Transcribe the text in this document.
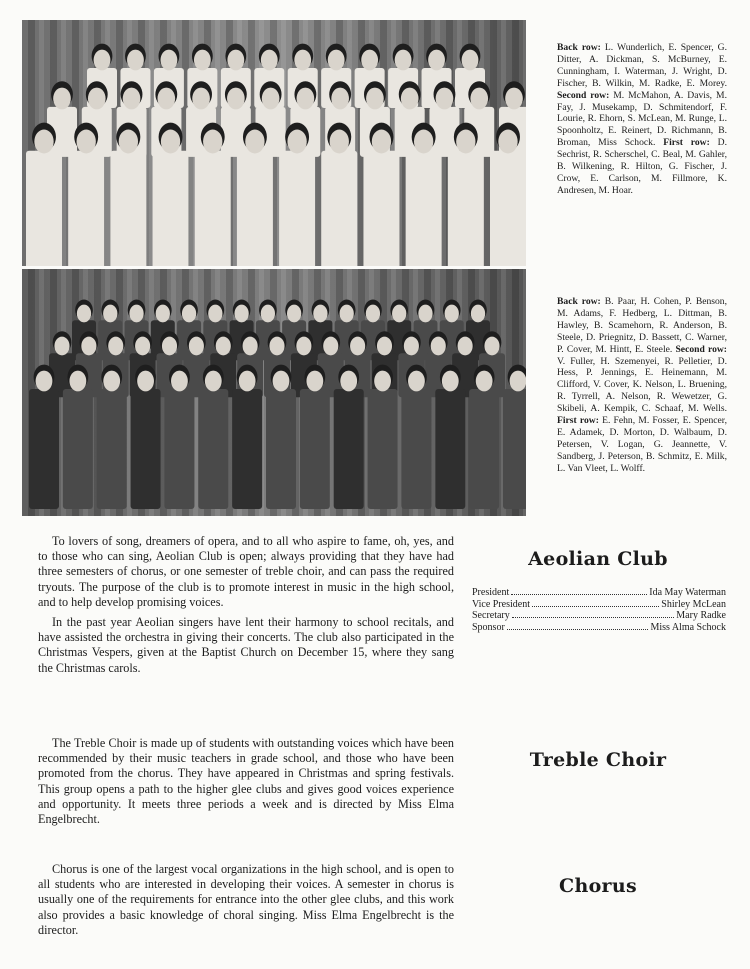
Back row: L. Wunderlich, E. Spencer, G. Ditter, A. Dickman, S. McBurney, E. Cunningham, I. Waterman, J. Wright, D. Fischer, B. Wilkin, M. Radke, E. Morey. Second row: M. McMahon, A. Davis, M. Fay, J. Musekamp, D. Schmitendorf, F. Lourie, R. Ehorn, S. McLean, M. Runge, L. Spoonholtz, E. Reinert, D. Richmann, B. Broman, Miss Schock. First row: D. Sechrist, R. Scherschel, C. Beal, M. Gahler, B. Wilkening, R. Hilton, G. Fischer, J. Crow, E. Carlson, M. Fillmore, K. Andresen, M. Hoar.
Back row: B. Paar, H. Cohen, P. Benson, M. Adams, F. Hedberg, L. Dittman, B. Hawley, B. Scamehorn, R. Anderson, B. Steele, D. Priegnitz, D. Bassett, C. Warner, P. Cover, M. Hintt, E. Steele. Second row: V. Fuller, H. Szemenyei, R. Pelletier, D. Hess, P. Jennings, E. Heinemann, M. Clifford, V. Cover, K. Nelson, L. Bruening, R. Tyrrell, A. Nelson, R. Wewetzer, G. Skibeli, A. Kempik, C. Schaaf, M. Wells. First row: E. Fehn, M. Fosser, E. Spencer, E. Adamek, D. Morton, D. Walbaum, D. Petersen, V. Logan, G. Jeannette, V. Sandberg, J. Peterson, B. Schmitz, E. Milk, L. Van Vleet, L. Wolff.

To lovers of song, dreamers of opera, and to all who aspire to fame, oh, yes, and to those who can sing, Aeolian Club is open; always providing that they have had three semesters of chorus, or one semester of treble choir, and can pass the required tryouts. The purpose of the club is to promote interest in music in the high school, and to help develop promising voices.

In the past year Aeolian singers have lent their harmony to school recitals, and have assisted the orchestra in giving their concerts. The club also participated in the Christmas Vespers, given at the Baptist Church on December 15, where they sang the Christmas carols.

Aeolian Club
President	Ida May Waterman
Vice President	Shirley McLean
Secretary	Mary Radke
Sponsor	Miss Alma Schock

The Treble Choir is made up of students with outstanding voices which have been recommended by their music teachers in grade school, and those who have been promoted from the chorus. They have appeared in Christmas and spring festivals. This group opens a path to the higher glee clubs and gives good voices experience and opportunity. It meets three periods a week and is directed by Miss Elma Engelbrecht.

Treble Choir

Chorus is one of the largest vocal organizations in the high school, and is open to all students who are interested in developing their voices. A semester in chorus is usually one of the requirements for entrance into the other glee clubs, and this work also provides a basic knowledge of choral singing. Miss Elma Engelbrecht is the director.

Chorus
